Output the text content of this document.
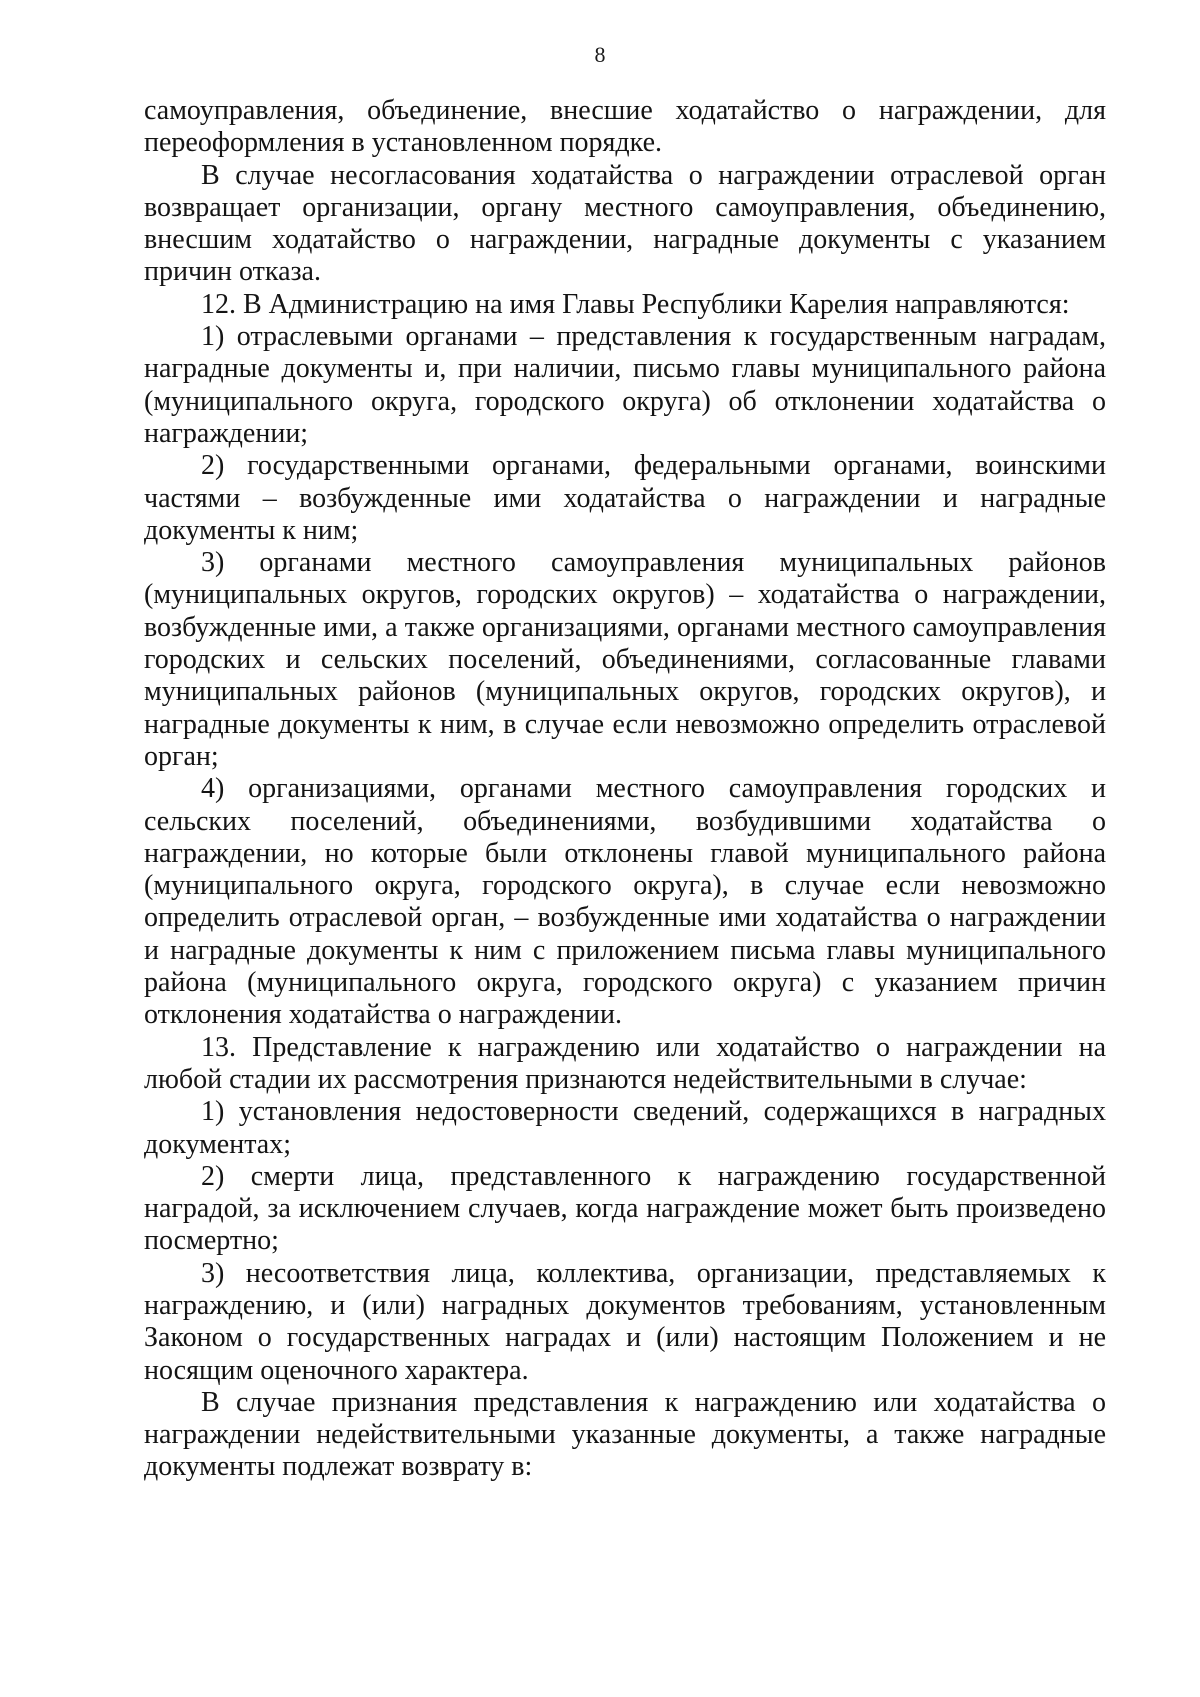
8

самоуправления, объединение, внесшие ходатайство о награждении, для переоформления в установленном порядке.

В случае несогласования ходатайства о награждении отраслевой орган возвращает организации, органу местного самоуправления, объединению, внесшим ходатайство о награждении, наградные документы с указанием причин отказа.

12. В Администрацию на имя Главы Республики Карелия направляются:

1) отраслевыми органами – представления к государственным наградам, наградные документы и, при наличии, письмо главы муниципального района (муниципального округа, городского округа) об отклонении ходатайства о награждении;

2) государственными органами, федеральными органами, воинскими частями – возбужденные ими ходатайства о награждении и наградные документы к ним;

3) органами местного самоуправления муниципальных районов (муниципальных округов, городских округов) – ходатайства о награждении, возбужденные ими, а также организациями, органами местного самоуправления городских и сельских поселений, объединениями, согласованные главами муниципальных районов (муниципальных округов, городских округов), и наградные документы к ним, в случае если невозможно определить отраслевой орган;

4) организациями, органами местного самоуправления городских и сельских поселений, объединениями, возбудившими ходатайства о награждении, но которые были отклонены главой муниципального района (муниципального округа, городского округа), в случае если невозможно определить отраслевой орган, – возбужденные ими ходатайства о награждении и наградные документы к ним с приложением письма главы муниципального района (муниципального округа, городского округа) с указанием причин отклонения ходатайства о награждении.

13. Представление к награждению или ходатайство о награждении на любой стадии их рассмотрения признаются недействительными в случае:

1) установления недостоверности сведений, содержащихся в наградных документах;

2) смерти лица, представленного к награждению государственной наградой, за исключением случаев, когда награждение может быть произведено посмертно;

3) несоответствия лица, коллектива, организации, представляемых к награждению, и (или) наградных документов требованиям, установленным Законом о государственных наградах и (или) настоящим Положением и не носящим оценочного характера.

В случае признания представления к награждению или ходатайства о награждении недействительными указанные документы, а также наградные документы подлежат возврату в:
